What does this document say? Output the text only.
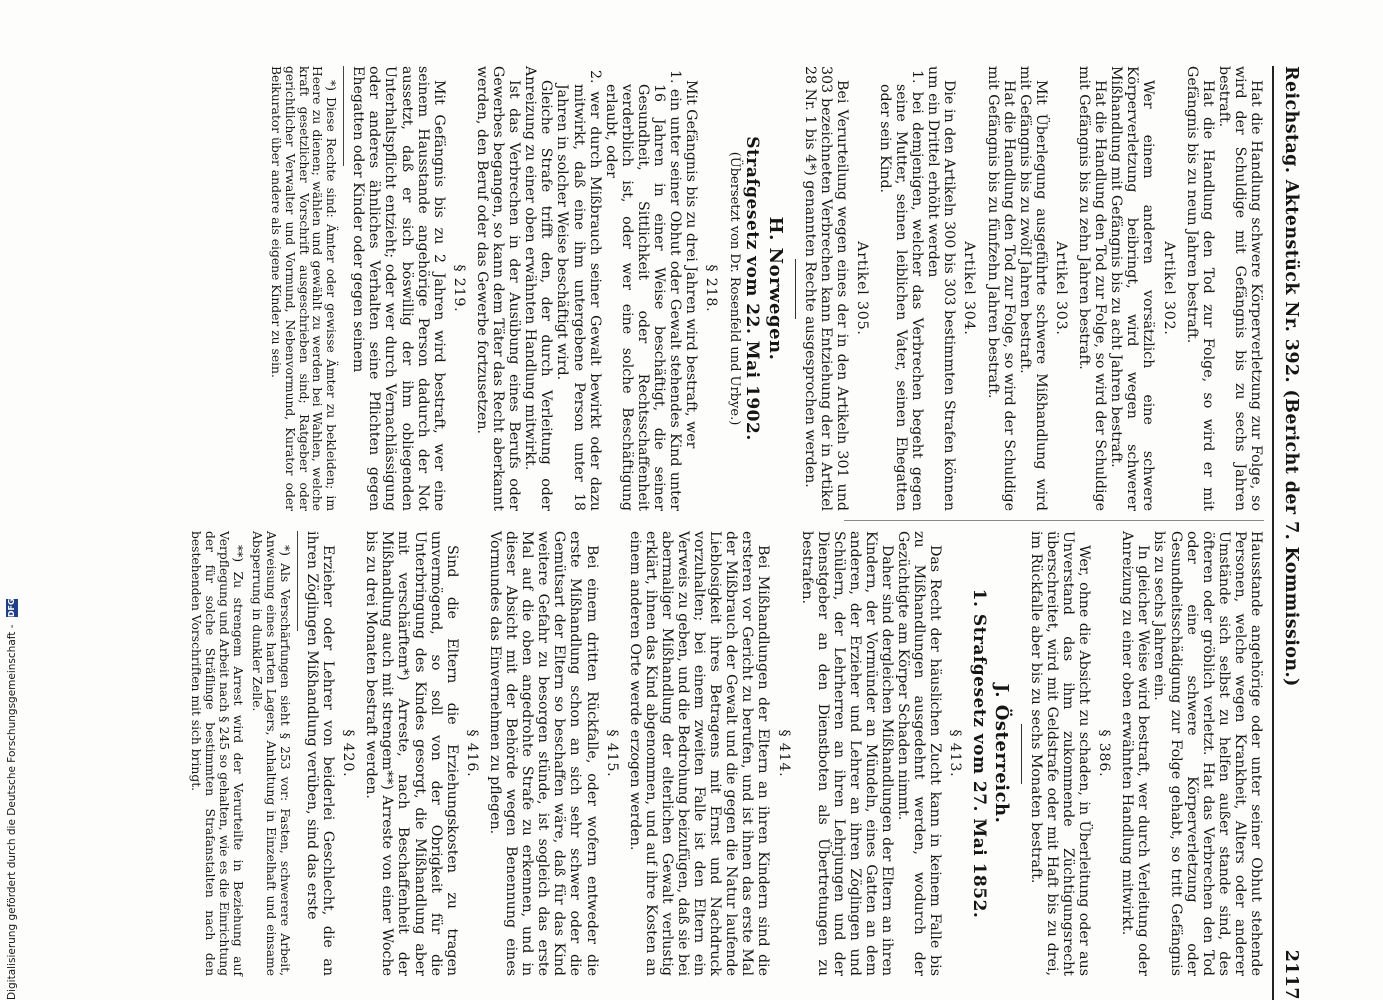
Reichstag. Aktenstück Nr. 392. (Bericht der 7. Kommission.)
2117

Hat die Handlung schwere Körperverletzung zur Folge, so wird der Schuldige mit Gefängnis bis zu sechs Jahren bestraft.

Hat die Handlung den Tod zur Folge, so wird er mit Gefängnis bis zu neun Jahren bestraft.

Artikel 302.

Wer einem anderen vorsätzlich eine schwere Körperverletzung beibringt, wird wegen schwerer Mißhandlung mit Gefängnis bis zu acht Jahren bestraft.

Hat die Handlung den Tod zur Folge, so wird der Schuldige mit Gefängnis bis zu zehn Jahren bestraft.

Artikel 303.

Mit Überlegung ausgeführte schwere Mißhandlung wird mit Gefängnis bis zu zwölf Jahren bestraft.

Hat die Handlung den Tod zur Folge, so wird der Schuldige mit Gefängnis bis zu fünfzehn Jahren bestraft.

Artikel 304.

Die in den Artikeln 300 bis 303 bestimmten Strafen können um ein Drittel erhöht werden

1. bei demjenigen, welcher das Verbrechen begeht gegen seine Mutter, seinen leiblichen Vater, seinen Ehegatten oder sein Kind.

Artikel 305.

Bei Verurteilung wegen eines der in den Artikeln 301 und 303 bezeichneten Verbrechen kann Entziehung der in Artikel 28 Nr. 1 bis 4*) genannten Rechte ausgesprochen werden.

H. Norwegen.
Strafgesetz vom 22. Mai 1902.
(Übersetzt von Dr. Rosenfeld und Urbye.)
§ 218.

Mit Gefängnis bis zu drei Jahren wird bestraft, wer

1. ein unter seiner Obhut oder Gewalt stehendes Kind unter 16 Jahren in einer Weise beschäftigt, die seiner Gesundheit, Sittlichkeit oder Rechtsschaffenheit verderblich ist, oder wer eine solche Beschäftigung erlaubt, oder

2. wer durch Mißbrauch seiner Gewalt bewirkt oder dazu mitwirkt, daß eine ihm untergebene Person unter 18 Jahren in solcher Weise beschäftigt wird.

Gleiche Strafe trifft den, der durch Verleitung oder Anreizung zu einer oben erwähnten Handlung mitwirkt.

Ist das Verbrechen in der Ausübung eines Berufs oder Gewerbes begangen, so kann dem Täter das Recht aberkannt werden, den Beruf oder das Gewerbe fortzusetzen.

§ 219.

Mit Gefängnis bis zu 2 Jahren wird bestraft, wer eine seinem Hausstande angehörige Person dadurch der Not aussetzt, daß er sich böswillig der ihm obliegenden Unterhaltspflicht entzieht; oder wer durch Vernachlässigung oder anderes ähnliches Verhalten seine Pflichten gegen Ehegatten oder Kinder oder gegen seinem

*) Diese Rechte sind: Ämter oder gewisse Ämter zu bekleiden; im Heere zu dienen; wählen und gewählt zu werden bei Wahlen, welche kraft gesetzlicher Vorschrift ausgeschrieben sind; Ratgeber oder gerichtlicher Verwalter und Vormund, Nebenvormund, Kurator oder Beikurator über andere als eigene Kinder zu sein.

Hausstande angehörige oder unter seiner Obhut stehende Personen, welche wegen Krankheit, Alters oder anderer Umstände sich selbst zu helfen außer stande sind, des öfteren oder gröblich verletzt. Hat das Verbrechen den Tod oder eine schwere Körperverletzung oder Gesundheitsschädigung zur Folge gehabt, so tritt Gefängnis bis zu sechs Jahren ein.

In gleicher Weise wird bestraft, wer durch Verleitung oder Anreizung zu einer oben erwähnten Handlung mitwirkt.

§ 386.

Wer, ohne die Absicht zu schaden, in Überleitung oder aus Unverstand das ihm zukommende Züchtigungsrecht überschreitet, wird mit Geldstrafe oder mit Haft bis zu drei, im Rückfalle aber bis zu sechs Monaten bestraft.

J. Österreich.
1. Strafgesetz vom 27. Mai 1852.
§ 413.

Das Recht der häuslichen Zucht kann in keinem Falle bis zu Mißhandlungen ausgedehnt werden, wodurch der Gezüchtigte am Körper Schaden nimmt.

Daher sind dergleichen Mißhandlungen der Eltern an ihren Kindern, der Vormünder an Mündeln, eines Gatten an dem anderen, der Erzieher und Lehrer an ihren Zöglingen und Schülern, der Lehrherren an ihren Lehrjungen und der Dienstgeber an den Dienstboten als Übertretungen zu bestrafen.

§ 414.

Bei Mißhandlungen der Eltern an ihren Kindern sind die ersteren vor Gericht zu berufen, und ist ihnen das erste Mal der Mißbrauch der Gewalt und die gegen die Natur laufende Lieblosigkeit ihres Betragens mit Ernst und Nachdruck vorzuhalten; bei einem zweiten Falle ist den Eltern ein Verweis zu geben, und die Bedrohung beizufügen, daß sie bei abermaliger Mißhandlung der elterlichen Gewalt verlustig erklärt, ihnen das Kind abgenommen, und auf ihre Kosten an einem anderen Orte werde erzogen werden.

§ 415.

Bei einem dritten Rückfalle, oder wofern entweder die erste Mißhandlung schon an sich sehr schwer oder die Gemütsart der Eltern so beschaffen wäre, daß für das Kind weitere Gefahr zu besorgen stünde, ist sogleich das erste Mal auf die oben angedrohte Strafe zu erkennen, und in dieser Absicht mit der Behörde wegen Benennung eines Vormundes das Einvernehmen zu pflegen.

§ 416.

Sind die Eltern die Erziehungskosten zu tragen unvermögend, so soll von der Obrigkeit für die Unterbringung des Kindes gesorgt, die Mißhandlung aber mit verschärftem*) Arreste, nach Beschaffenheit der Mißhandlung auch mit strengem**) Arreste von einer Woche bis zu drei Monaten bestraft werden.

§ 420.

Erzieher oder Lehrer von beiderlei Geschlecht, die an ihren Zöglingen Mißhandlung verüben, sind das erste

*) Als Verschärfungen sieht § 253 vor: Fasten, schwerere Arbeit, Anweisung eines harten Lagers, Anhaltung in Einzelhaft und einsame Absperrung in dunkler Zelle.

**) Zu strengem Arrest wird der Verurteilte in Beziehung auf Verpflegung und Arbeit nach § 245 so gehalten, wie es die Einrichtung der für solche Sträflinge bestimmten Strafanstalten nach den bestehenden Vorschriften mit sich bringt.

Digitalisierung gefördert durch die Deutsche Forschungsgemeinschaft - DFG
